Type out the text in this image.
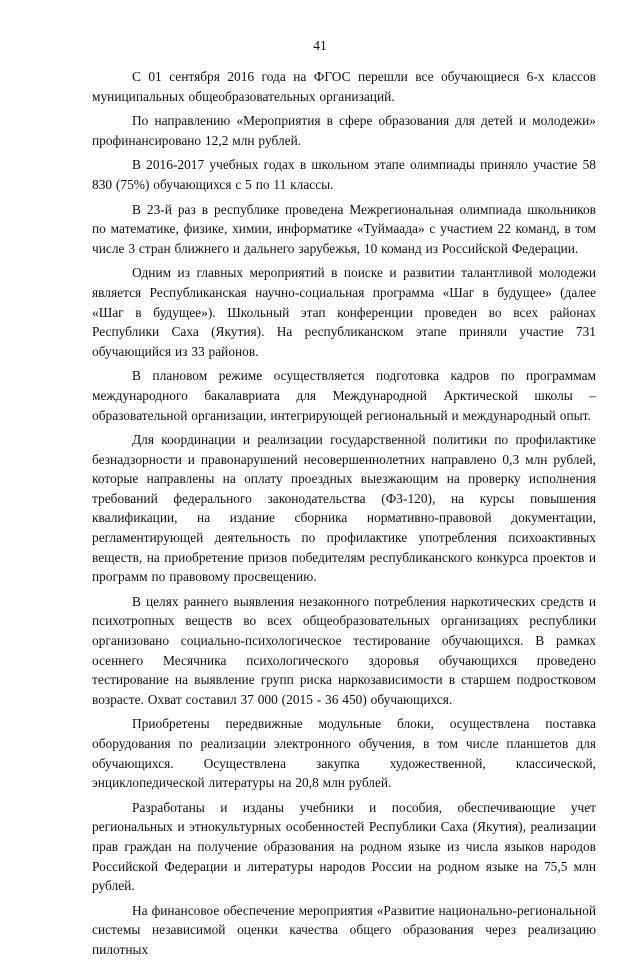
41

С 01 сентября 2016 года на ФГОС перешли все обучающиеся 6-х классов муниципальных общеобразовательных организаций.

По направлению «Мероприятия в сфере образования для детей и молодежи» профинансировано 12,2 млн рублей.

В 2016-2017 учебных годах в школьном этапе олимпиады приняло участие 58 830 (75%) обучающихся с 5 по 11 классы.

В 23-й раз в республике проведена Межрегиональная олимпиада школьников по математике, физике, химии, информатике «Туймаада» с участием 22 команд, в том числе 3 стран ближнего и дальнего зарубежья, 10 команд из Российской Федерации.

Одним из главных мероприятий в поиске и развитии талантливой молодежи является Республиканская научно-социальная программа «Шаг в будущее» (далее «Шаг в будущее»). Школьный этап конференции проведен во всех районах Республики Саха (Якутия). На республиканском этапе приняли участие 731 обучающийся из 33 районов.

В плановом режиме осуществляется подготовка кадров по программам международного бакалавриата для Международной Арктической школы – образовательной организации, интегрирующей региональный и международный опыт.

Для координации и реализации государственной политики по профилактике безнадзорности и правонарушений несовершеннолетних направлено 0,3 млн рублей, которые направлены на оплату проездных выезжающим на проверку исполнения требований федерального законодательства (ФЗ-120), на курсы повышения квалификации, на издание сборника нормативно-правовой документации, регламентирующей деятельность по профилактике употребления психоактивных веществ, на приобретение призов победителям республиканского конкурса проектов и программ по правовому просвещению.

В целях раннего выявления незаконного потребления наркотических средств и психотропных веществ во всех общеобразовательных организациях республики организовано социально-психологическое тестирование обучающихся. В рамках осеннего Месячника психологического здоровья обучающихся проведено тестирование на выявление групп риска наркозависимости в старшем подростковом возрасте. Охват составил 37 000 (2015 - 36 450) обучающихся.

Приобретены передвижные модульные блоки, осуществлена поставка оборудования по реализации электронного обучения, в том числе планшетов для обучающихся. Осуществлена закупка художественной, классической, энциклопедической литературы на 20,8 млн рублей.

Разработаны и изданы учебники и пособия, обеспечивающие учет региональных и этнокультурных особенностей Республики Саха (Якутия), реализации прав граждан на получение образования на родном языке из числа языков народов Российской Федерации и литературы народов России на родном языке на 75,5 млн рублей.

На финансовое обеспечение мероприятия «Развитие национально-региональной системы независимой оценки качества общего образования через реализацию пилотных
